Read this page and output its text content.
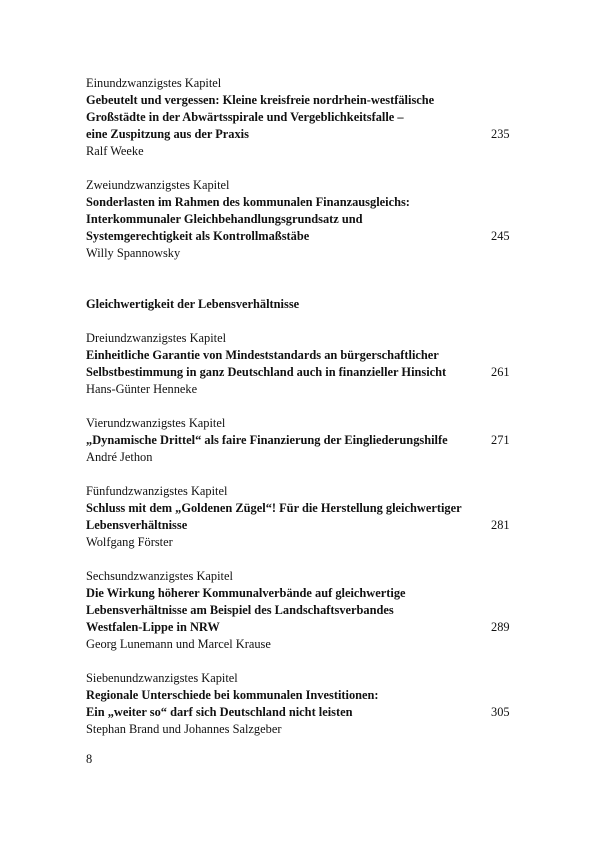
Einundzwanzigstes Kapitel
Gebeutelt und vergessen: Kleine kreisfreie nordrhein-westfälische
Großstädte in der Abwärtsspirale und Vergeblichkeitsfalle –
eine Zuspitzung aus der Praxis	235
Ralf Weeke
Zweiundzwanzigstes Kapitel
Sonderlasten im Rahmen des kommunalen Finanzausgleichs:
Interkommunaler Gleichbehandlungsgrundsatz und
Systemgerechtigkeit als Kontrollmaßstäbe	245
Willy Spannowsky
Gleichwertigkeit der Lebensverhältnisse
Dreiundzwanzigstes Kapitel
Einheitliche Garantie von Mindeststandards an bürgerschaftlicher
Selbstbestimmung in ganz Deutschland auch in finanzieller Hinsicht	261
Hans-Günter Henneke
Vierundzwanzigstes Kapitel
„Dynamische Drittel“ als faire Finanzierung der Eingliederungshilfe	271
André Jethon
Fünfundzwanzigstes Kapitel
Schluss mit dem „Goldenen Zügel“! Für die Herstellung gleichwertiger
Lebensverhältnisse	281
Wolfgang Förster
Sechsundzwanzigstes Kapitel
Die Wirkung höherer Kommunalverbände auf gleichwertige
Lebensverhältnisse am Beispiel des Landschaftsverbandes
Westfalen-Lippe in NRW	289
Georg Lunemann und Marcel Krause
Siebenundzwanzigstes Kapitel
Regionale Unterschiede bei kommunalen Investitionen:
Ein „weiter so“ darf sich Deutschland nicht leisten	305
Stephan Brand und Johannes Salzgeber
8
